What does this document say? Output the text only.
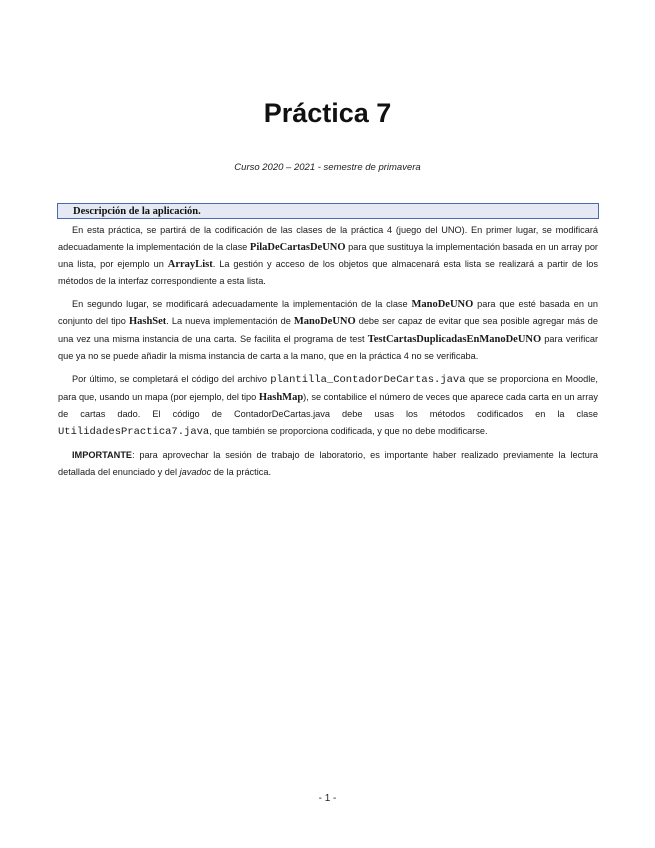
Práctica 7
Curso 2020 – 2021 - semestre de primavera
Descripción de la aplicación.

En esta práctica, se partirá de la codificación de las clases de la práctica 4 (juego del UNO). En primer lugar, se modificará adecuadamente la implementación de la clase PilaDeCartasDeUNO para que sustituya la implementación basada en un array por una lista, por ejemplo un ArrayList. La gestión y acceso de los objetos que almacenará esta lista se realizará a partir de los métodos de la interfaz correspondiente a esta lista.

En segundo lugar, se modificará adecuadamente la implementación de la clase ManoDeUNO para que esté basada en un conjunto del tipo HashSet. La nueva implementación de ManoDeUNO debe ser capaz de evitar que sea posible agregar más de una vez una misma instancia de una carta. Se facilita el programa de test TestCartasDuplicadasEnManoDeUNO para verificar que ya no se puede añadir la misma instancia de carta a la mano, que en la práctica 4 no se verificaba.

Por último, se completará el código del archivo plantilla_ContadorDeCartas.java que se proporciona en Moodle, para que, usando un mapa (por ejemplo, del tipo HashMap), se contabilice el número de veces que aparece cada carta en un array de cartas dado. El código de ContadorDeCartas.java debe usas los métodos codificados en la clase UtilidadesPractica7.java, que también se proporciona codificada, y que no debe modificarse.

IMPORTANTE: para aprovechar la sesión de trabajo de laboratorio, es importante haber realizado previamente la lectura detallada del enunciado y del javadoc de la práctica.

- 1 -
